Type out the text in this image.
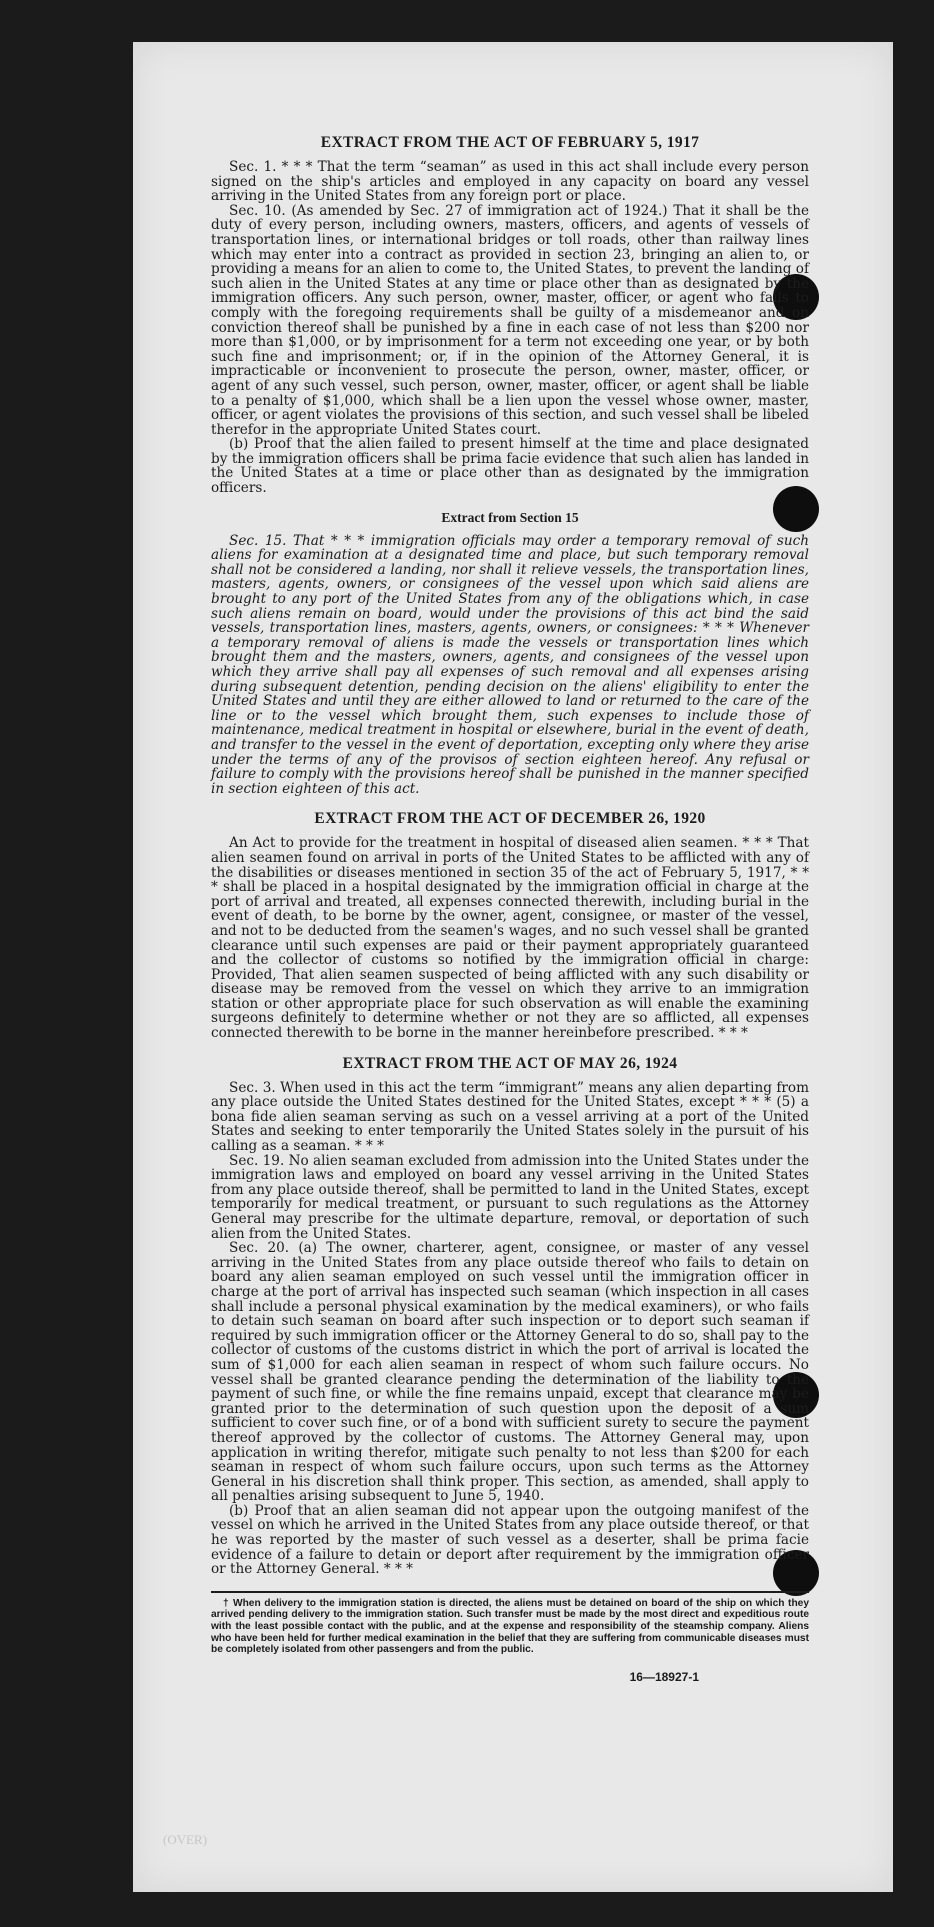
EXTRACT FROM THE ACT OF FEBRUARY 5, 1917

Sec. 1. * * * That the term “seaman” as used in this act shall include every person signed on the ship's articles and employed in any capacity on board any vessel arriving in the United States from any foreign port or place.

Sec. 10. (As amended by Sec. 27 of immigration act of 1924.) That it shall be the duty of every person, including owners, masters, officers, and agents of vessels of transportation lines, or international bridges or toll roads, other than railway lines which may enter into a contract as provided in section 23, bringing an alien to, or providing a means for an alien to come to, the United States, to prevent the landing of such alien in the United States at any time or place other than as designated by the immigration officers. Any such person, owner, master, officer, or agent who fails to comply with the foregoing requirements shall be guilty of a misdemeanor and on conviction thereof shall be punished by a fine in each case of not less than $200 nor more than $1,000, or by imprisonment for a term not exceeding one year, or by both such fine and imprisonment; or, if in the opinion of the Attorney General, it is impracticable or inconvenient to prosecute the person, owner, master, officer, or agent of any such vessel, such person, owner, master, officer, or agent shall be liable to a penalty of $1,000, which shall be a lien upon the vessel whose owner, master, officer, or agent violates the provisions of this section, and such vessel shall be libeled therefor in the appropriate United States court.

(b) Proof that the alien failed to present himself at the time and place designated by the immigration officers shall be prima facie evidence that such alien has landed in the United States at a time or place other than as designated by the immigration officers.

Extract from Section 15

Sec. 15. That * * * immigration officials may order a temporary removal of such aliens for examination at a designated time and place, but such temporary removal shall not be considered a landing, nor shall it relieve vessels, the transportation lines, masters, agents, owners, or consignees of the vessel upon which said aliens are brought to any port of the United States from any of the obligations which, in case such aliens remain on board, would under the provisions of this act bind the said vessels, transportation lines, masters, agents, owners, or consignees: * * * Whenever a temporary removal of aliens is made the vessels or transportation lines which brought them and the masters, owners, agents, and consignees of the vessel upon which they arrive shall pay all expenses of such removal and all expenses arising during subsequent detention, pending decision on the aliens' eligibility to enter the United States and until they are either allowed to land or returned to the care of the line or to the vessel which brought them, such expenses to include those of maintenance, medical treatment in hospital or elsewhere, burial in the event of death, and transfer to the vessel in the event of deportation, excepting only where they arise under the terms of any of the provisos of section eighteen hereof. Any refusal or failure to comply with the provisions hereof shall be punished in the manner specified in section eighteen of this act.

EXTRACT FROM THE ACT OF DECEMBER 26, 1920

An Act to provide for the treatment in hospital of diseased alien seamen. * * * That alien seamen found on arrival in ports of the United States to be afflicted with any of the disabilities or diseases mentioned in section 35 of the act of February 5, 1917, * * * shall be placed in a hospital designated by the immigration official in charge at the port of arrival and treated, all expenses connected therewith, including burial in the event of death, to be borne by the owner, agent, consignee, or master of the vessel, and not to be deducted from the seamen's wages, and no such vessel shall be granted clearance until such expenses are paid or their payment appropriately guaranteed and the collector of customs so notified by the immigration official in charge: Provided, That alien seamen suspected of being afflicted with any such disability or disease may be removed from the vessel on which they arrive to an immigration station or other appropriate place for such observation as will enable the examining surgeons definitely to determine whether or not they are so afflicted, all expenses connected therewith to be borne in the manner hereinbefore prescribed. * * *

EXTRACT FROM THE ACT OF MAY 26, 1924

Sec. 3. When used in this act the term “immigrant” means any alien departing from any place outside the United States destined for the United States, except * * * (5) a bona fide alien seaman serving as such on a vessel arriving at a port of the United States and seeking to enter temporarily the United States solely in the pursuit of his calling as a seaman. * * *

Sec. 19. No alien seaman excluded from admission into the United States under the immigration laws and employed on board any vessel arriving in the United States from any place outside thereof, shall be permitted to land in the United States, except temporarily for medical treatment, or pursuant to such regulations as the Attorney General may prescribe for the ultimate departure, removal, or deportation of such alien from the United States.

Sec. 20. (a) The owner, charterer, agent, consignee, or master of any vessel arriving in the United States from any place outside thereof who fails to detain on board any alien seaman employed on such vessel until the immigration officer in charge at the port of arrival has inspected such seaman (which inspection in all cases shall include a personal physical examination by the medical examiners), or who fails to detain such seaman on board after such inspection or to deport such seaman if required by such immigration officer or the Attorney General to do so, shall pay to the collector of customs of the customs district in which the port of arrival is located the sum of $1,000 for each alien seaman in respect of whom such failure occurs. No vessel shall be granted clearance pending the determination of the liability to the payment of such fine, or while the fine remains unpaid, except that clearance may be granted prior to the determination of such question upon the deposit of a sum sufficient to cover such fine, or of a bond with sufficient surety to secure the payment thereof approved by the collector of customs. The Attorney General may, upon application in writing therefor, mitigate such penalty to not less than $200 for each seaman in respect of whom such failure occurs, upon such terms as the Attorney General in his discretion shall think proper. This section, as amended, shall apply to all penalties arising subsequent to June 5, 1940.

(b) Proof that an alien seaman did not appear upon the outgoing manifest of the vessel on which he arrived in the United States from any place outside thereof, or that he was reported by the master of such vessel as a deserter, shall be prima facie evidence of a failure to detain or deport after requirement by the immigration officer or the Attorney General. * * *

† When delivery to the immigration station is directed, the aliens must be detained on board of the ship on which they arrived pending delivery to the immigration station. Such transfer must be made by the most direct and expeditious route with the least possible contact with the public, and at the expense and responsibility of the steamship company. Aliens who have been held for further medical examination in the belief that they are suffering from communicable diseases must be completely isolated from other passengers and from the public.

16—18927-1
(OVER)
